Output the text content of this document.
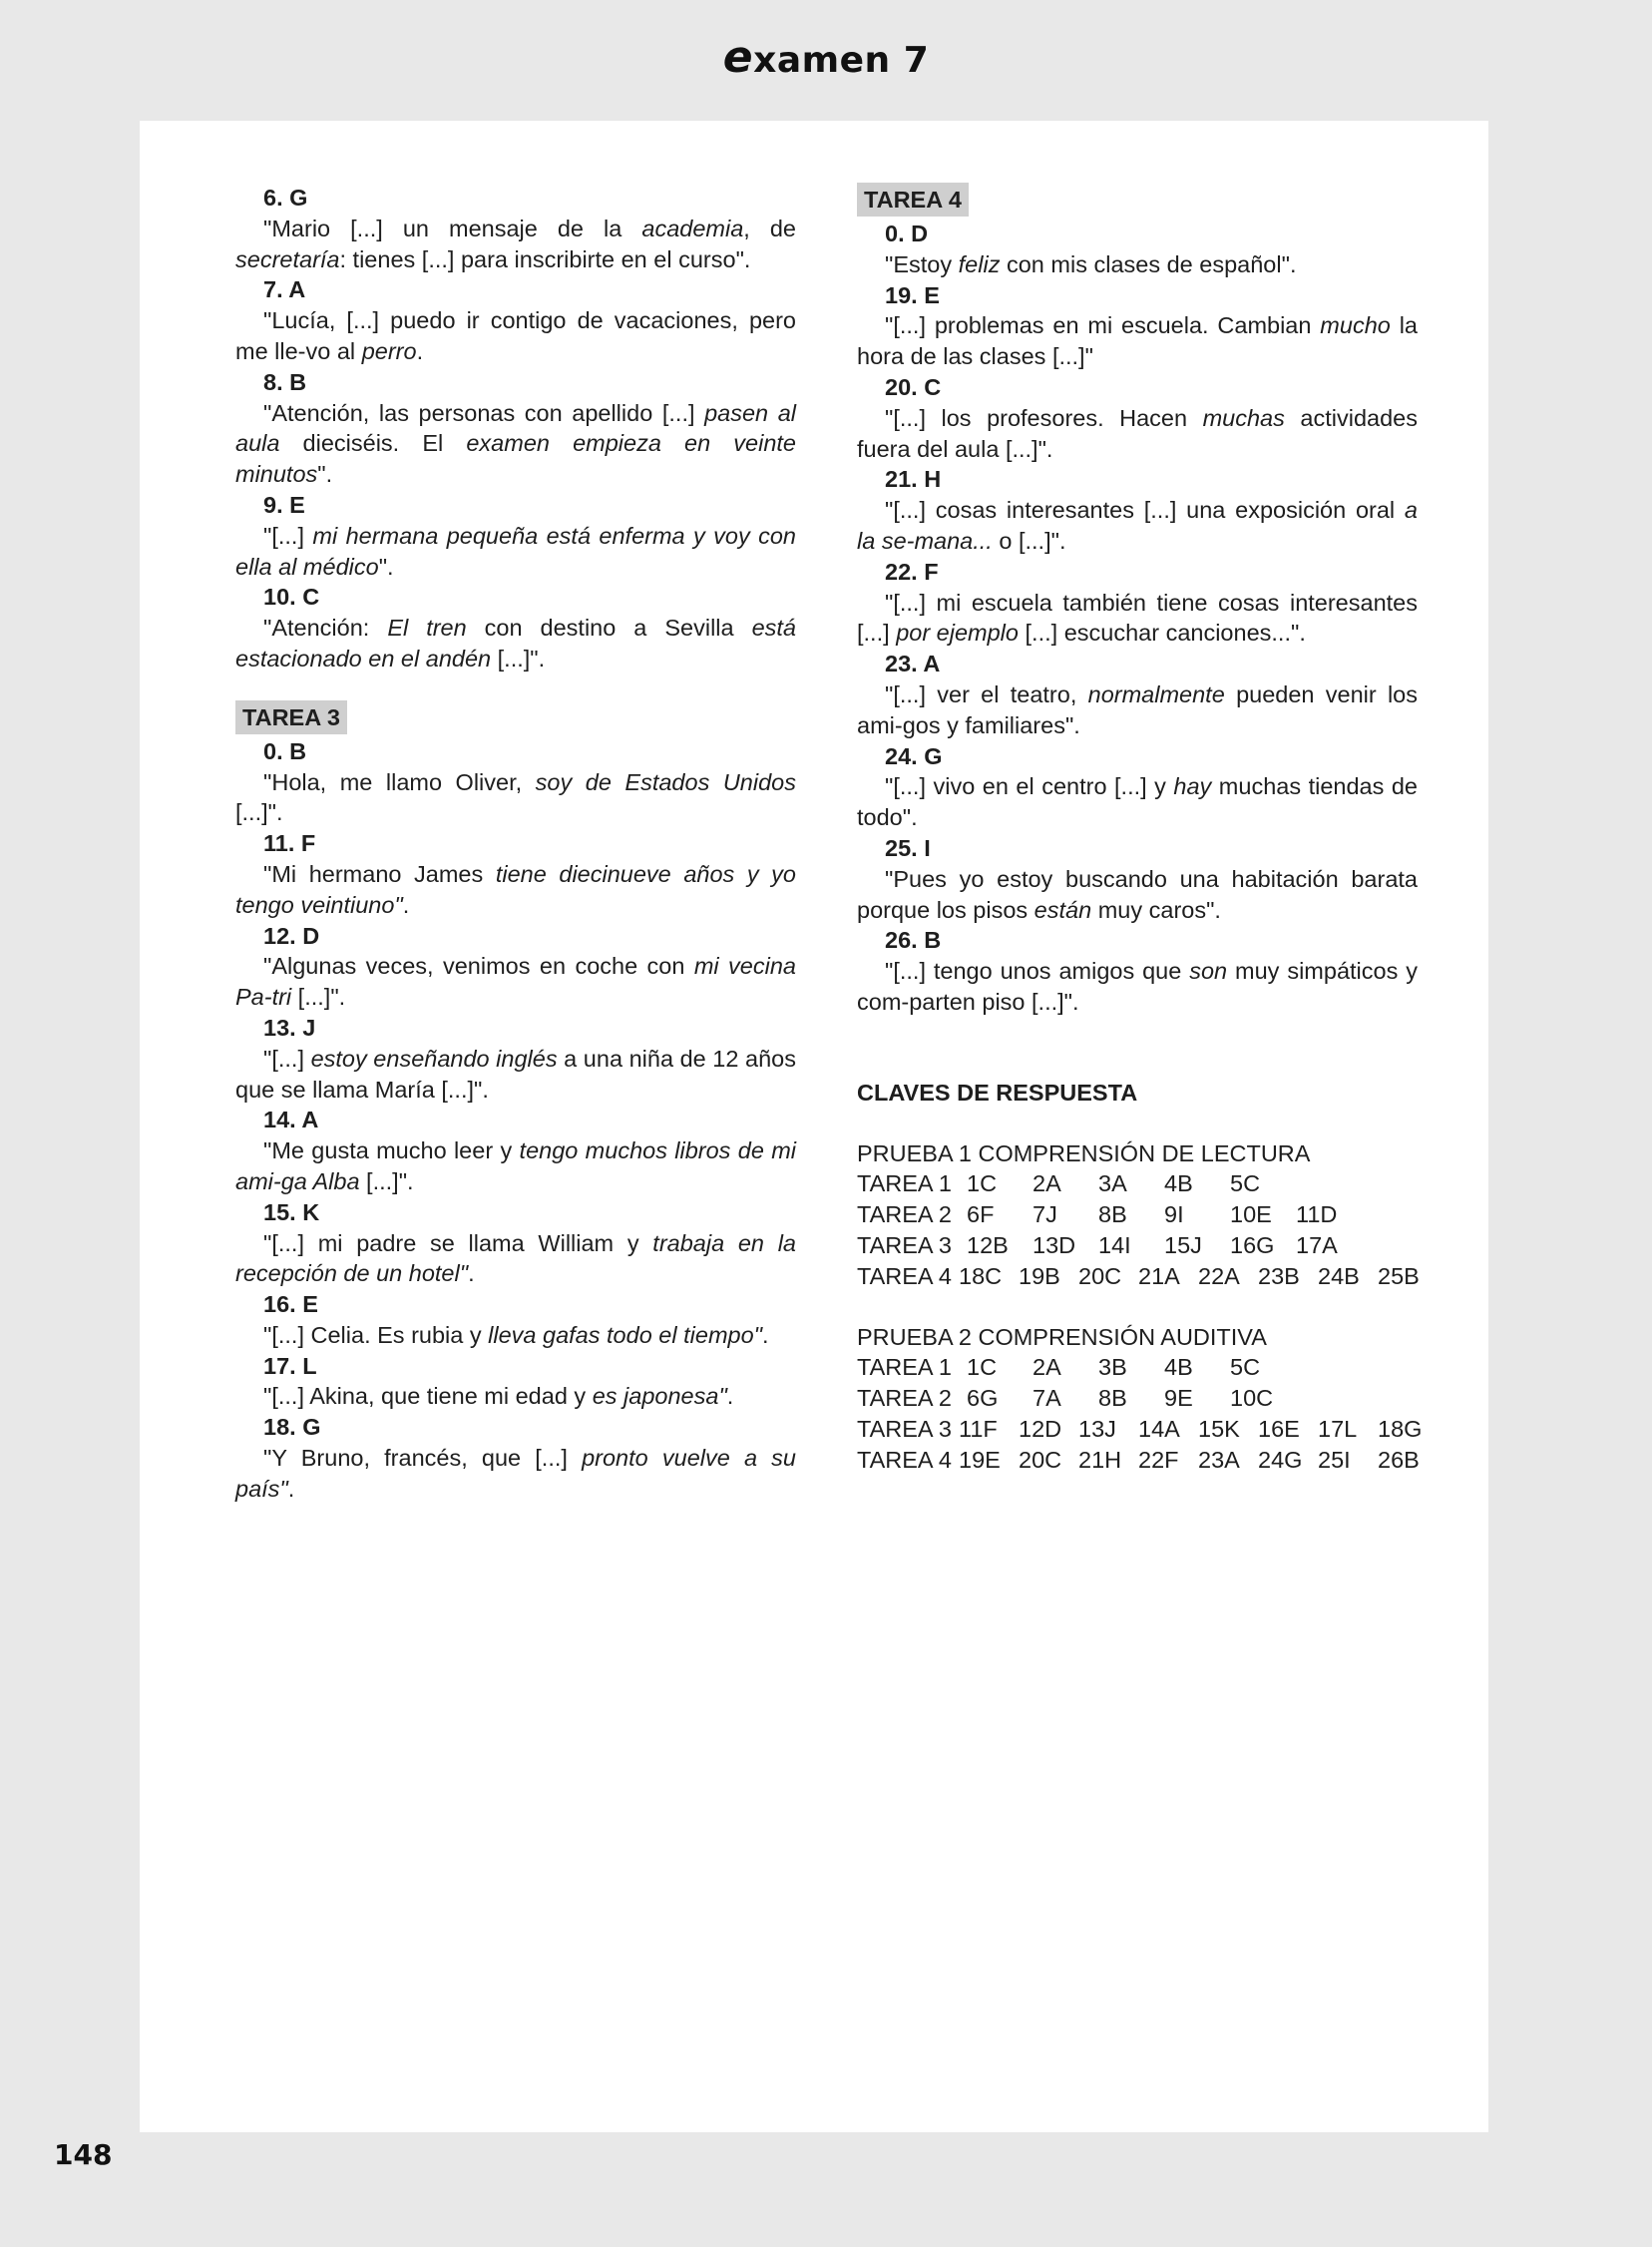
examen 7
6. G
"Mario [...] un mensaje de la academia, de secretaría: tienes [...] para inscribirte en el curso".
7. A
"Lucía, [...] puedo ir contigo de vacaciones, pero me lle-vo al perro.
8. B
"Atención, las personas con apellido [...] pasen al aula dieciséis. El examen empieza en veinte minutos".
9. E
"[...] mi hermana pequeña está enferma y voy con ella al médico".
10. C
"Atención: El tren con destino a Sevilla está estacionado en el andén [...]".
TAREA 3
0. B
"Hola, me llamo Oliver, soy de Estados Unidos [...]".
11. F
"Mi hermano James tiene diecinueve años y yo tengo veintiuno".
12. D
"Algunas veces, venimos en coche con mi vecina Pa-tri [...]".
13. J
"[...] estoy enseñando inglés a una niña de 12 años que se llama María [...]".
14. A
"Me gusta mucho leer y tengo muchos libros de mi ami-ga Alba [...]".
15. K
"[...] mi padre se llama William y trabaja en la recepción de un hotel".
16. E
"[...] Celia. Es rubia y lleva gafas todo el tiempo".
17. L
"[...] Akina, que tiene mi edad y es japonesa".
18. G
"Y Bruno, francés, que [...] pronto vuelve a su país".
TAREA 4
0. D
"Estoy feliz con mis clases de español".
19. E
"[...] problemas en mi escuela. Cambian mucho la hora de las clases [...]"
20. C
"[...] los profesores. Hacen muchas actividades fuera del aula [...]".
21. H
"[...] cosas interesantes [...] una exposición oral a la se-mana... o [...]".
22. F
"[...] mi escuela también tiene cosas interesantes [...] por ejemplo [...] escuchar canciones...".
23. A
"[...] ver el teatro, normalmente pueden venir los ami-gos y familiares".
24. G
"[...] vivo en el centro [...] y hay muchas tiendas de todo".
25. I
"Pues yo estoy buscando una habitación barata porque los pisos están muy caros".
26. B
"[...] tengo unos amigos que son muy simpáticos y com-parten piso [...]".
CLAVES DE RESPUESTA
PRUEBA 1 COMPRENSIÓN DE LECTURA
TAREA 1 1C 2A 3A 4B 5C
TAREA 2 6F 7J 8B 9I 10E 11D
TAREA 3 12B 13D 14I 15J 16G 17A
TAREA 4 18C 19B 20C 21A 22A 23B 24B 25B
PRUEBA 2 COMPRENSIÓN AUDITIVA
TAREA 1 1C 2A 3B 4B 5C
TAREA 2 6G 7A 8B 9E 10C
TAREA 3 11F 12D 13J 14A 15K 16E 17L 18G
TAREA 4 19E 20C 21H 22F 23A 24G 25I 26B
148
